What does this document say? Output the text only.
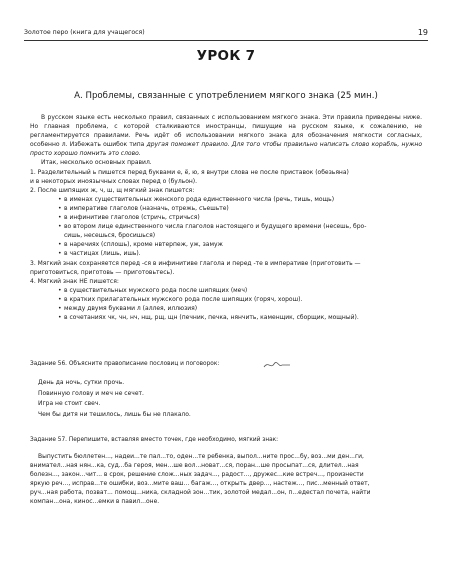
Золотое перо (книга для учащегося)	19
УРОК 7
А. Проблемы, связанные с употреблением мягкого знака (25 мин.)

В русском языке есть несколько правил, связанных с использованием мягкого знака. Эти правила приведены ниже. Но главная проблема, с которой сталкиваются иностранцы, пишущие на русском языке, к сожалению, не регламентируется правилами. Речь идёт об использовании мягкого знака для обозначения мягкости согласных, особенно л. Избежать ошибок типа другая поможет правило. Для того чтобы правильно написать слово корабль, нужно просто хорошо помнить это слово.

Итак, несколько основных правил.

1. Разделительный ь пишется перед буквами е, ё, ю, я внутри слова не после приставок (обезьяна)
и в некоторых иноязычных словах перед о (бульон).
2. После шипящих ж, ч, ш, щ мягкий знак пишется:
• в именах существительных женского рода единственного числа (речь, тишь, мощь)
• в императиве глаголов (назначь, отрежь, съешьте)
• в инфинитиве глаголов (стричь, стричься)
• во втором лице единственного числа глаголов настоящего и будущего времени (несешь, бро-
сишь, несешься, бросишься)
• в наречиях (сплошь), кроме нвтерпеж, уж, замуж
• в частицах (лишь, ишь).
3. Мягкий знак сохраняется перед -ся в инфинитиве глагола и перед -те в императиве (приготовить —
приготовиться, приготовь — приготовьтесь).
4. Мягкий знак НЕ пишется:
• в существительных мужского рода после шипящих (меч)
• в кратких прилагательных мужского рода после шипящих (горяч, хорош).
• между двумя буквами л (аллея, иллюзия)
• в сочетаниях чк, чн, нч, нщ, рщ, щн (печник, печка, нянчить, каменщик, сборщик, мощный).
Задание 56. Объясните правописание пословиц и поговорок:
День да ночь, сутки прочь.
Повинную голову и меч не сечет.
Игра не стоит свеч.
Чем бы дитя ни тешилось, лишь бы не плакало.
Задание 57. Перепишите, вставляя вместо точек, где необходимо, мягкий знак:
Выпустить бюллетен..., надеи...те пал...то, оден...те ребенка, выпол...ните прос...бу, воз...ми ден...ги,
внимател...ная нян...ка, суд...ба героя, мен...ше вол...новат...ся, поран...ше просыпат...ся, длител...ная
болезн..., закон...чит... в срок, решение слож...ных задач..., радост..., дружес...кие встреч..., произнести
яркую реч..., исправ...те ошибки, воз...мите ваш... багаж..., открыть двер..., настеж..., пис...менный ответ,
руч...ная работа, позват... помощ...ника, складной зон...тик, золотой медал...он, п...едестал почета, найти
компан...она, кинос...емки в павил...оне.
